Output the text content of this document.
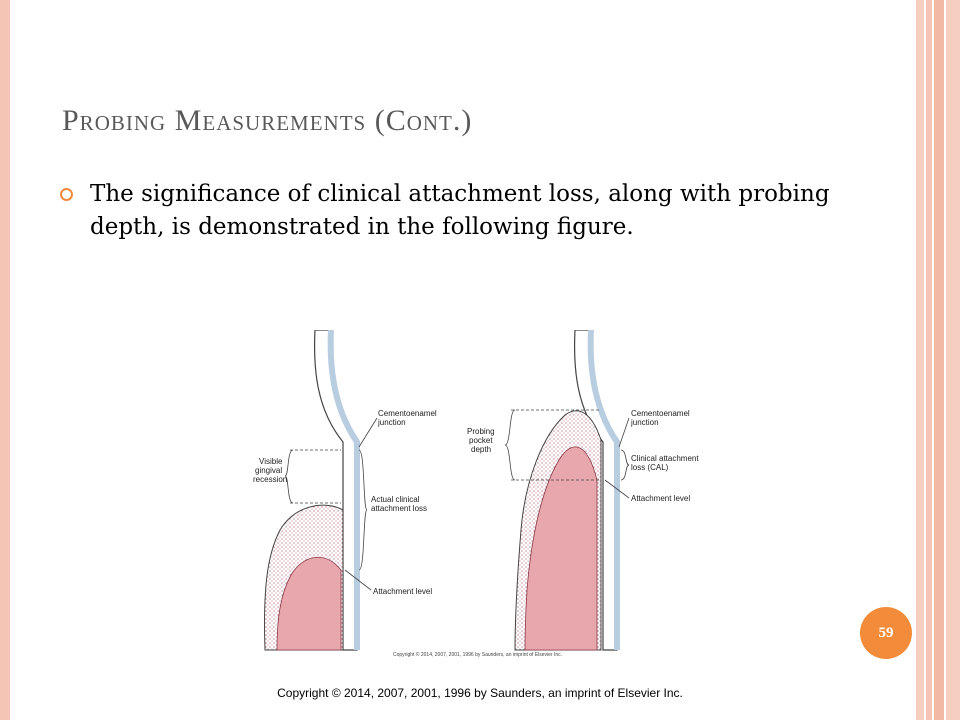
Probing Measurements (Cont.)
The significance of clinical attachment loss, along with probing depth, is demonstrated in the following figure.
Visible
gingival
recession
Cementoenamel
junction
Actual clinical
attachment loss
Attachment level
Probing
pocket
depth
Cementoenamel
junction
Clinical attachment
loss (CAL)
Attachment level
Copyright © 2014, 2007, 2001, 1996 by Saunders, an imprint of Elsevier Inc.
59
Copyright © 2014, 2007, 2001, 1996 by Saunders, an imprint of Elsevier Inc.
